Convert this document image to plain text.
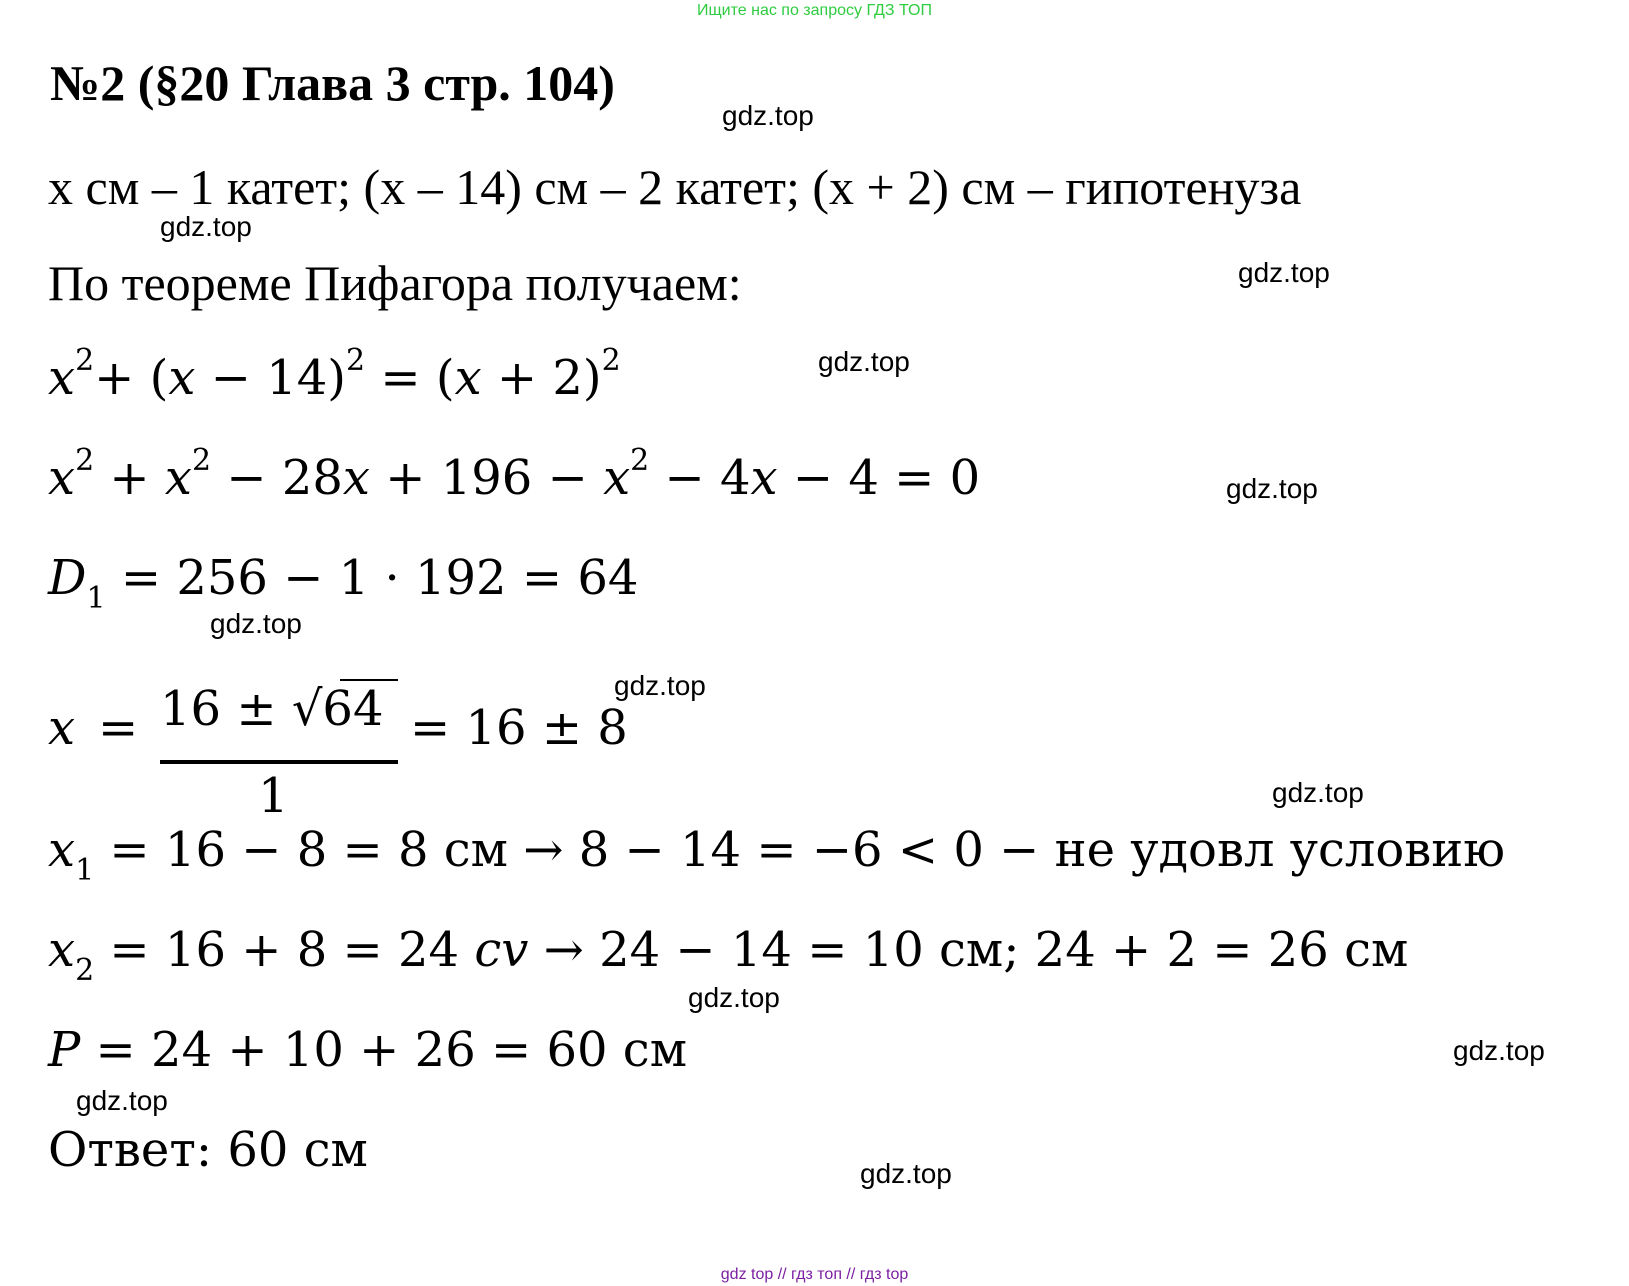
Ищите нас по запросу ГДЗ ТОП
№2 (§20 Глава 3 стр. 104)
x см – 1 катет; (x – 14) см – 2 катет; (x + 2) см – гипотенуза
По теореме Пифагора получаем:
$x^2+ (x - 14)^2 = (x + 2)^2$
$x^2 + x^2 - 28x + 196 - x^2 - 4x - 4 = 0$
$D_1 = 256 - 1 \cdot 192 = 64$
x = 16 ± √64
1
= 16 ± 8
$x_1 = 16 - 8 = 8$ см → 8 − 14 = −6 < 0 − не удовл условию
$x_2 = 16 + 8 = 24$ cv → 24 − 14 = 10 см; 24 + 2 = 26 см
P = 24 + 10 + 26 = 60 см
Ответ: 60 см
gdz.top
gdz.top
gdz.top
gdz.top
gdz.top
gdz.top
gdz.top
gdz.top
gdz.top
gdz.top
gdz.top
gdz.top
gdz top // гдз топ // гдз top
